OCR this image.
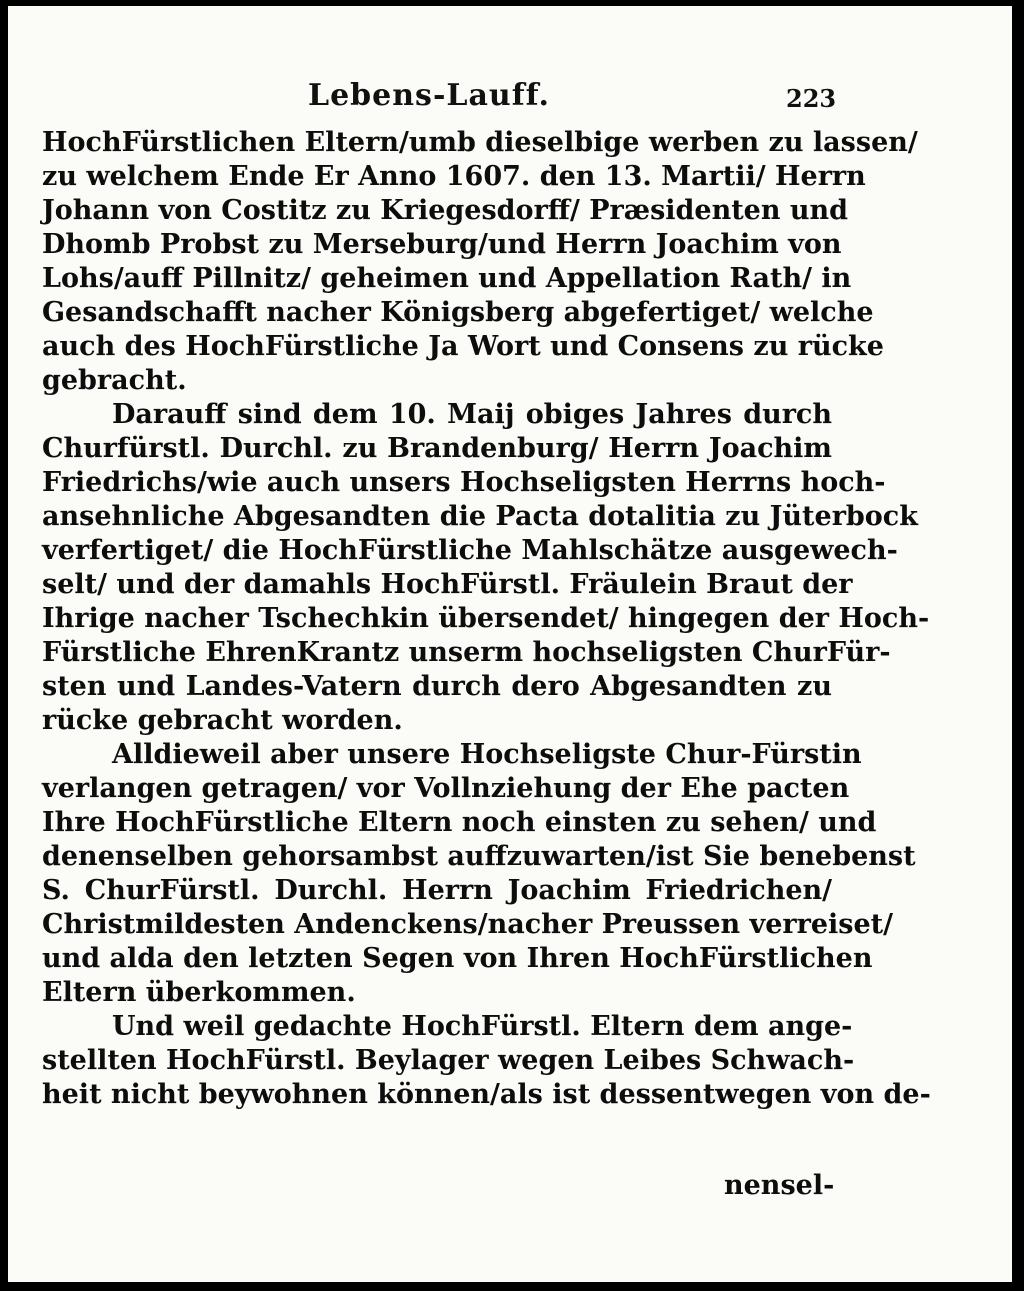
Lebens-Lauff.	223
HochFürstlichen Eltern/umb dieselbige werben zu lassen/
zu welchem Ende Er Anno 1607. den 13. Martii/ Herrn
Johann von Costitz zu Kriegesdorff/ Præsidenten und
Dhomb Probst zu Merseburg/und Herrn Joachim von
Lohs/auff Pillnitz/ geheimen und Appellation Rath/ in
Gesandschafft nacher Königsberg abgefertiget/ welche
auch des HochFürstliche Ja Wort und Consens zu rücke
gebracht.
Darauff sind dem 10. Maij obiges Jahres durch
Churfürstl. Durchl. zu Brandenburg/ Herrn Joachim
Friedrichs/wie auch unsers Hochseligsten Herrns hoch-
ansehnliche Abgesandten die Pacta dotalitia zu Jüterbock
verfertiget/ die HochFürstliche Mahlschätze ausgewech-
selt/ und der damahls HochFürstl. Fräulein Braut der
Ihrige nacher Tschechkin übersendet/ hingegen der Hoch-
Fürstliche EhrenKrantz unserm hochseligsten ChurFür-
sten und Landes-Vatern durch dero Abgesandten zu
rücke gebracht worden.
Alldieweil aber unsere Hochseligste Chur-Fürstin
verlangen getragen/ vor Vollnziehung der Ehe pacten
Ihre HochFürstliche Eltern noch einsten zu sehen/ und
denenselben gehorsambst auffzuwarten/ist Sie benebenst
S. ChurFürstl. Durchl. Herrn Joachim Friedrichen/
Christmildesten Andenckens/nacher Preussen verreiset/
und alda den letzten Segen von Ihren HochFürstlichen
Eltern überkommen.
Und weil gedachte HochFürstl. Eltern dem ange-
stellten HochFürstl. Beylager wegen Leibes Schwach-
heit nicht beywohnen können/als ist dessentwegen von de-
nensel-
